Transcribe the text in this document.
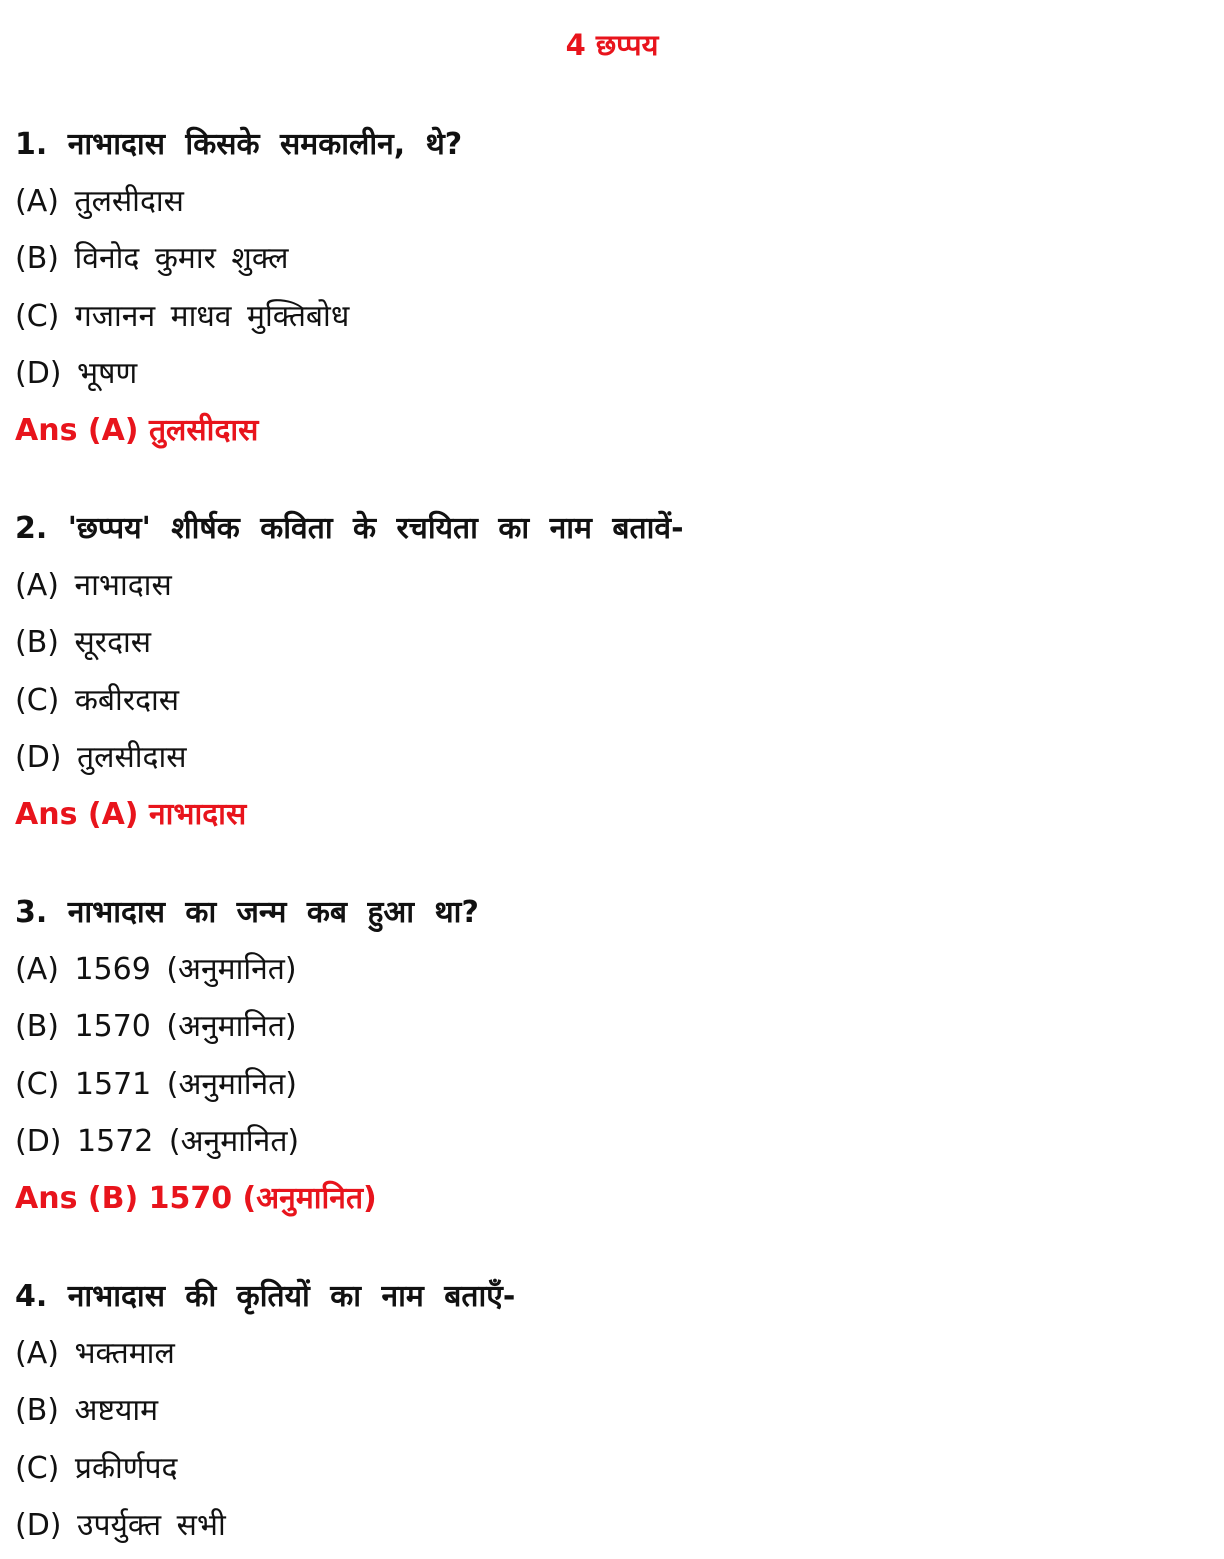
4 छप्पय
1. नाभादास किसके समकालीन, थे?
(A) तुलसीदास
(B) विनोद कुमार शुक्ल
(C) गजानन माधव मुक्तिबोध
(D) भूषण
Ans (A) तुलसीदास
2. 'छप्पय' शीर्षक कविता के रचयिता का नाम बतावें-
(A) नाभादास
(B) सूरदास
(C) कबीरदास
(D) तुलसीदास
Ans (A) नाभादास
3. नाभादास का जन्म कब हुआ था?
(A) 1569 (अनुमानित)
(B) 1570 (अनुमानित)
(C) 1571 (अनुमानित)
(D) 1572 (अनुमानित)
Ans (B) 1570 (अनुमानित)
4. नाभादास की कृतियों का नाम बताएँ-
(A) भक्तमाल
(B) अष्टयाम
(C) प्रकीर्णपद
(D) उपर्युक्त सभी
